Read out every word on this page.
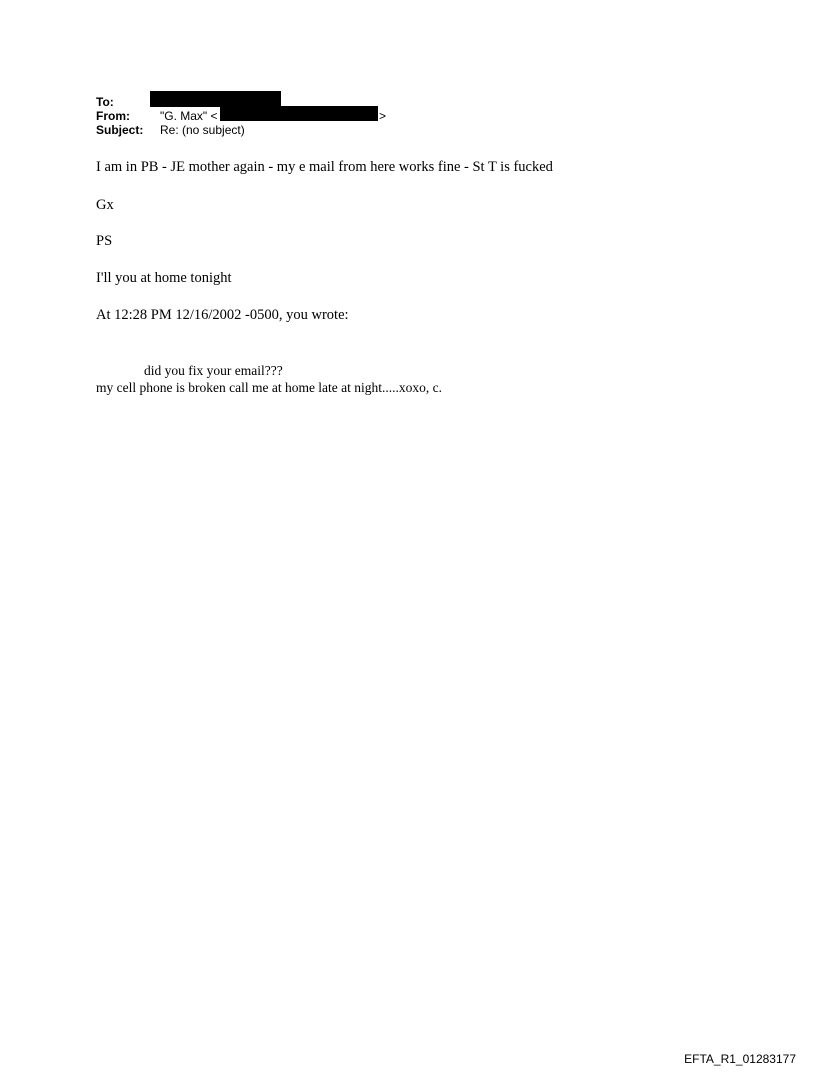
To:
From:	"G. Max" <	>
Subject: Re: (no subject)
I am in PB - JE mother again - my e mail from here works fine - St T is fucked
Gx
PS
I'll you at home tonight
At 12:28 PM 12/16/2002 -0500, you wrote:
did you fix your email???
my cell phone is broken call me at home late at night.....xoxo, c.
EFTA_R1_01283177
